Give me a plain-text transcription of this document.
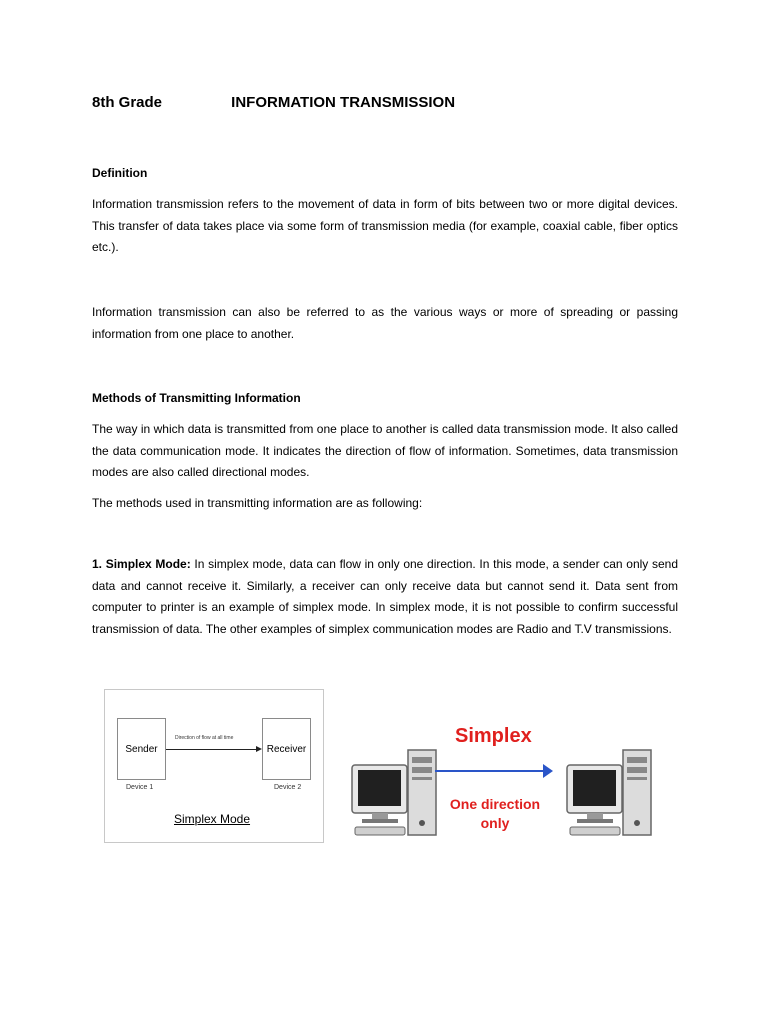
8th Grade	INFORMATION TRANSMISSION
Definition

Information transmission refers to the movement of data in form of bits between two or more digital devices. This transfer of data takes place via some form of transmission media (for example, coaxial cable, fiber optics etc.).

Information transmission can also be referred to as the various ways or more of spreading or passing information from one place to another.

Methods of Transmitting Information

The way in which data is transmitted from one place to another is called data transmission mode. It also called the data communication mode. It indicates the direction of flow of information. Sometimes, data transmission modes are also called directional modes.

The methods used in transmitting information are as following:

1. Simplex Mode: In simplex mode, data can flow in only one direction. In this mode, a sender can only send data and cannot receive it. Similarly, a receiver can only receive data but cannot send it. Data sent from computer to printer is an example of simplex mode. In simplex mode, it is not possible to confirm successful transmission of data. The other examples of simplex communication modes are Radio and T.V transmissions.

Sender
Direction of flow at all time
Receiver
Device 1	Device 2
Simplex Mode
Simplex
One direction
only
